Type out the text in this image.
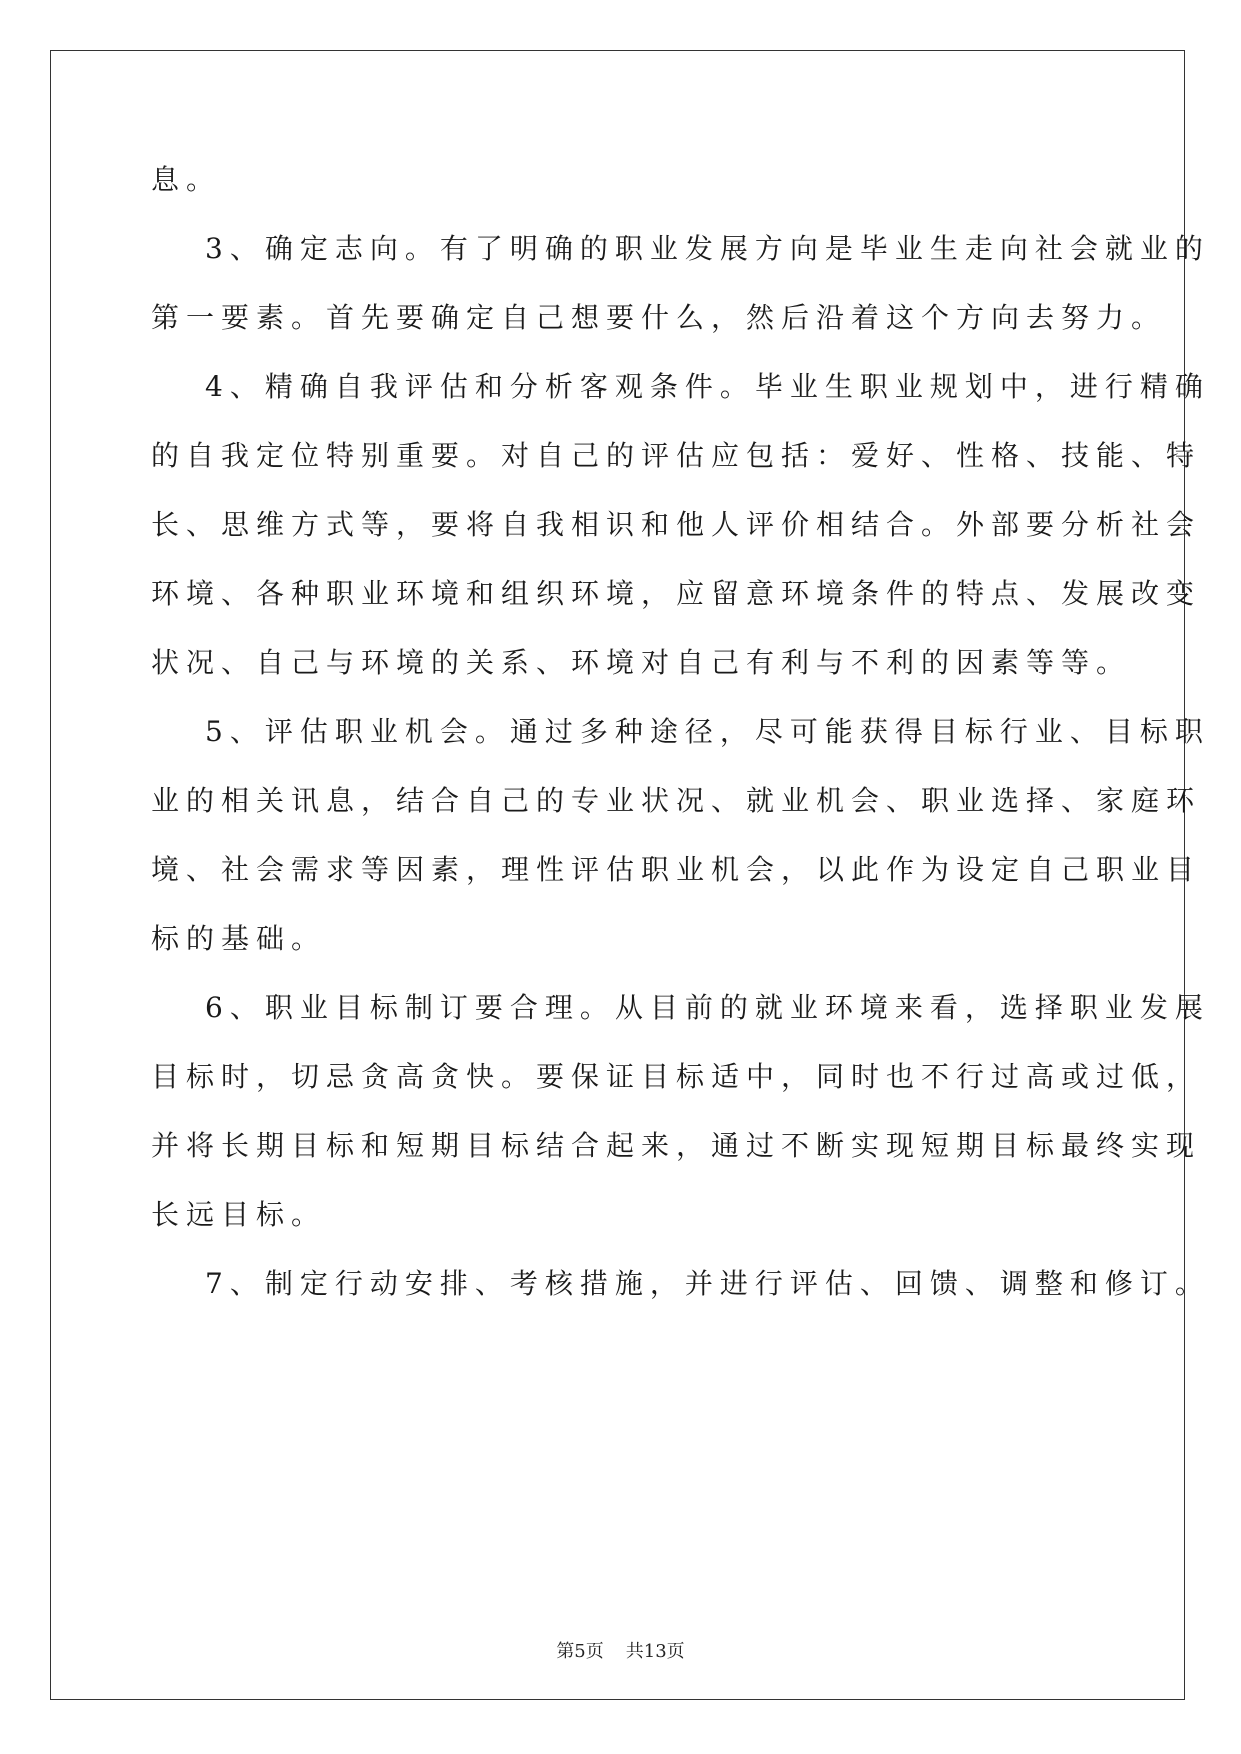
息。
3、确定志向。有了明确的职业发展方向是毕业生走向社会就业的
第一要素。首先要确定自己想要什么，然后沿着这个方向去努力。
4、精确自我评估和分析客观条件。毕业生职业规划中，进行精确
的自我定位特别重要。对自己的评估应包括：爱好、性格、技能、特
长、思维方式等，要将自我相识和他人评价相结合。外部要分析社会
环境、各种职业环境和组织环境，应留意环境条件的特点、发展改变
状况、自己与环境的关系、环境对自己有利与不利的因素等等。
5、评估职业机会。通过多种途径，尽可能获得目标行业、目标职
业的相关讯息，结合自己的专业状况、就业机会、职业选择、家庭环
境、社会需求等因素，理性评估职业机会，以此作为设定自己职业目
标的基础。
6、职业目标制订要合理。从目前的就业环境来看，选择职业发展
目标时，切忌贪高贪快。要保证目标适中，同时也不行过高或过低，
并将长期目标和短期目标结合起来，通过不断实现短期目标最终实现
长远目标。
7、制定行动安排、考核措施，并进行评估、回馈、调整和修订。
第5页 共13页
